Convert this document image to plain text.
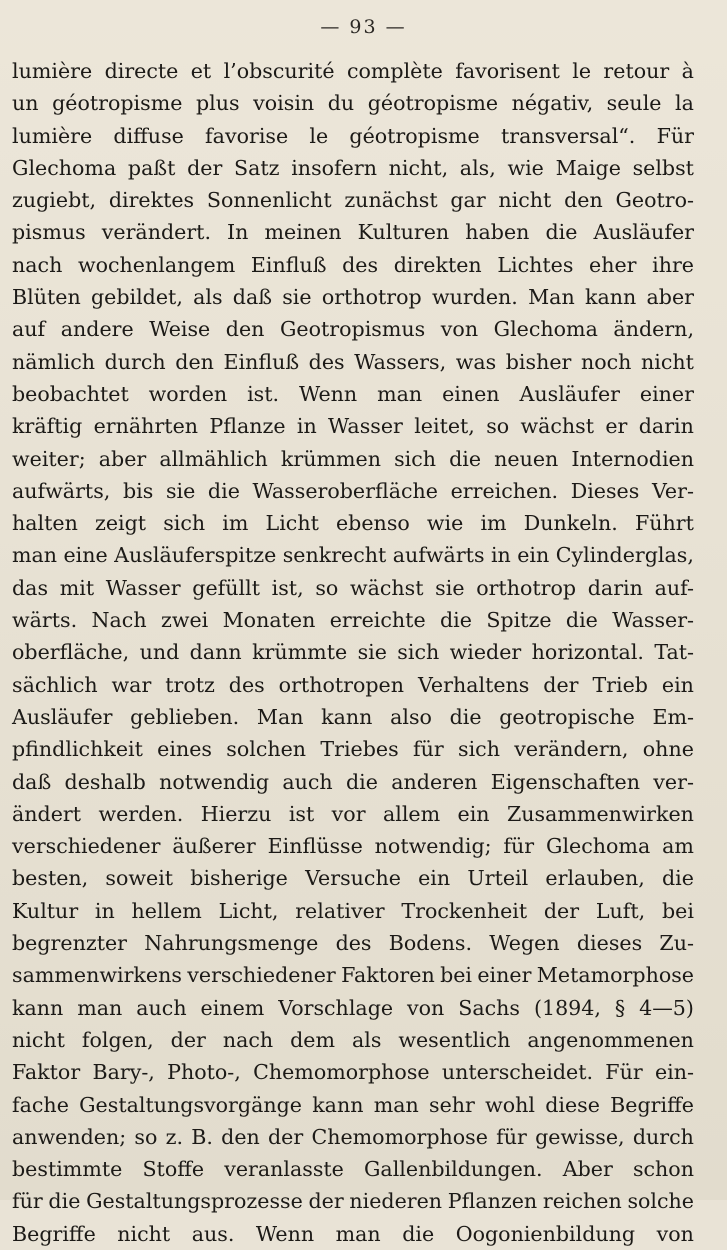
— 93 —
lumière directe et l’obscurité complète favorisent le retour à
un géotropisme plus voisin du géotropisme négativ, seule la
lumière diffuse favorise le géotropisme transversal“. Für
Glechoma paßt der Satz insofern nicht, als, wie Maige selbst
zugiebt, direktes Sonnenlicht zunächst gar nicht den Geotro-
pismus verändert. In meinen Kulturen haben die Ausläufer
nach wochenlangem Einfluß des direkten Lichtes eher ihre
Blüten gebildet, als daß sie orthotrop wurden. Man kann aber
auf andere Weise den Geotropismus von Glechoma ändern,
nämlich durch den Einfluß des Wassers, was bisher noch nicht
beobachtet worden ist. Wenn man einen Ausläufer einer
kräftig ernährten Pflanze in Wasser leitet, so wächst er darin
weiter; aber allmählich krümmen sich die neuen Internodien
aufwärts, bis sie die Wasseroberfläche erreichen. Dieses Ver-
halten zeigt sich im Licht ebenso wie im Dunkeln. Führt
man eine Ausläuferspitze senkrecht aufwärts in ein Cylinderglas,
das mit Wasser gefüllt ist, so wächst sie orthotrop darin auf-
wärts. Nach zwei Monaten erreichte die Spitze die Wasser-
oberfläche, und dann krümmte sie sich wieder horizontal. Tat-
sächlich war trotz des orthotropen Verhaltens der Trieb ein
Ausläufer geblieben. Man kann also die geotropische Em-
pfindlichkeit eines solchen Triebes für sich verändern, ohne
daß deshalb notwendig auch die anderen Eigenschaften ver-
ändert werden. Hierzu ist vor allem ein Zusammenwirken
verschiedener äußerer Einflüsse notwendig; für Glechoma am
besten, soweit bisherige Versuche ein Urteil erlauben, die
Kultur in hellem Licht, relativer Trockenheit der Luft, bei
begrenzter Nahrungsmenge des Bodens. Wegen dieses Zu-
sammenwirkens verschiedener Faktoren bei einer Metamorphose
kann man auch einem Vorschlage von Sachs (1894, § 4—5)
nicht folgen, der nach dem als wesentlich angenommenen
Faktor Bary-, Photo-, Chemomorphose unterscheidet. Für ein-
fache Gestaltungsvorgänge kann man sehr wohl diese Begriffe
anwenden; so z. B. den der Chemomorphose für gewisse, durch
bestimmte Stoffe veranlasste Gallenbildungen. Aber schon
für die Gestaltungsprozesse der niederen Pflanzen reichen solche
Begriffe nicht aus. Wenn man die Oogonienbildung von
